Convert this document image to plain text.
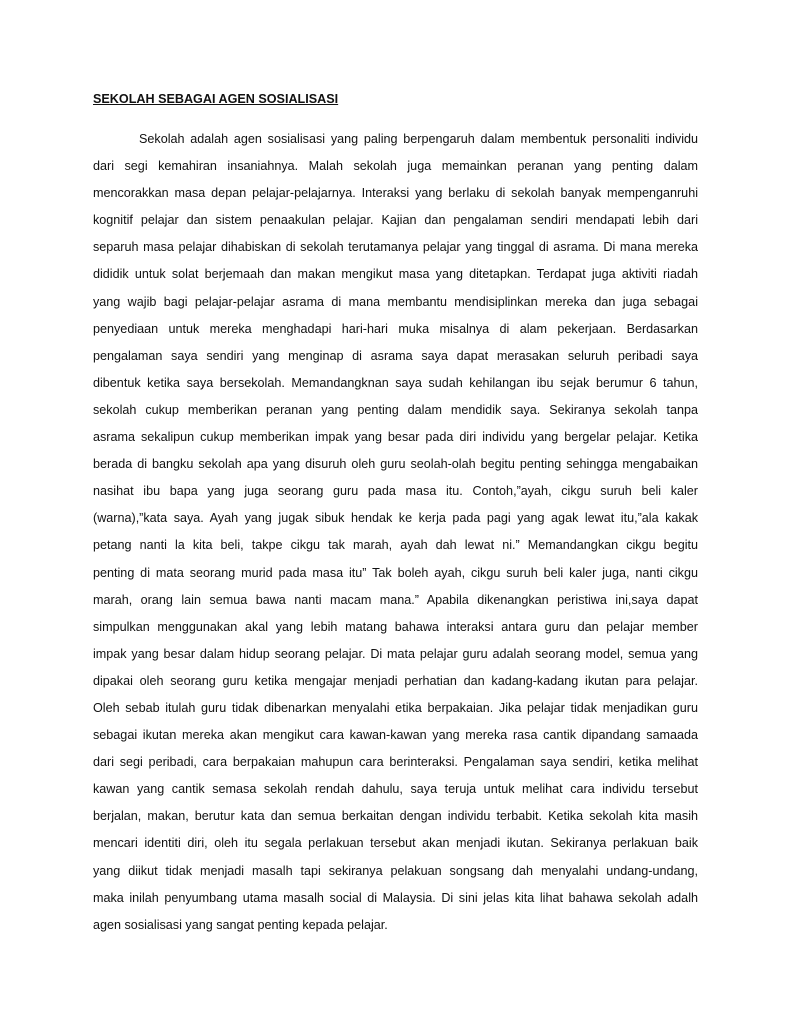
SEKOLAH SEBAGAI AGEN SOSIALISASI
Sekolah adalah agen sosialisasi yang paling berpengaruh dalam membentuk personaliti individu
dari segi kemahiran insaniahnya. Malah sekolah juga memainkan peranan yang penting dalam
mencorakkan masa depan pelajar-pelajarnya. Interaksi yang berlaku di sekolah banyak mempenganruhi
kognitif pelajar dan sistem penaakulan pelajar. Kajian dan pengalaman sendiri mendapati lebih dari
separuh masa pelajar dihabiskan di sekolah terutamanya pelajar yang tinggal di asrama. Di mana mereka
dididik untuk solat berjemaah dan makan mengikut masa yang ditetapkan. Terdapat juga aktiviti riadah
yang wajib bagi pelajar-pelajar asrama di mana membantu mendisiplinkan mereka dan juga sebagai
penyediaan untuk mereka menghadapi hari-hari muka misalnya di alam pekerjaan. Berdasarkan
pengalaman saya sendiri yang menginap di asrama saya dapat merasakan seluruh peribadi saya
dibentuk ketika saya bersekolah. Memandangknan saya sudah kehilangan ibu sejak berumur 6 tahun,
sekolah cukup memberikan peranan yang penting dalam mendidik saya. Sekiranya sekolah tanpa
asrama sekalipun cukup memberikan impak yang besar pada diri individu yang bergelar pelajar. Ketika
berada di bangku sekolah apa yang disuruh oleh guru seolah-olah begitu penting sehingga mengabaikan
nasihat ibu bapa yang juga seorang guru pada masa itu. Contoh,”ayah, cikgu suruh beli kaler
(warna),”kata saya. Ayah yang jugak sibuk hendak ke kerja pada pagi yang agak lewat itu,”ala kakak
petang nanti la kita beli, takpe cikgu tak marah, ayah dah lewat ni.” Memandangkan cikgu begitu
penting di mata seorang murid pada masa itu” Tak boleh ayah, cikgu suruh beli kaler juga, nanti cikgu
marah, orang lain semua bawa nanti macam mana.” Apabila dikenangkan peristiwa ini,saya dapat
simpulkan menggunakan akal yang lebih matang bahawa interaksi antara guru dan pelajar member
impak yang besar dalam hidup seorang pelajar. Di mata pelajar guru adalah seorang model, semua yang
dipakai oleh seorang guru ketika mengajar menjadi perhatian dan kadang-kadang ikutan para pelajar.
Oleh sebab itulah guru tidak dibenarkan menyalahi etika berpakaian. Jika pelajar tidak menjadikan guru
sebagai ikutan mereka akan mengikut cara kawan-kawan yang mereka rasa cantik dipandang samaada
dari segi peribadi, cara berpakaian mahupun cara berinteraksi. Pengalaman saya sendiri, ketika melihat
kawan yang cantik semasa sekolah rendah dahulu, saya teruja untuk melihat cara individu tersebut
berjalan, makan, berutur kata dan semua berkaitan dengan individu terbabit. Ketika sekolah kita masih
mencari identiti diri, oleh itu segala perlakuan tersebut akan menjadi ikutan. Sekiranya perlakuan baik
yang diikut tidak menjadi masalh tapi sekiranya pelakuan songsang dah menyalahi undang-undang,
maka inilah penyumbang utama masalh social di Malaysia. Di sini jelas kita lihat bahawa sekolah adalh
agen sosialisasi yang sangat penting kepada pelajar.
